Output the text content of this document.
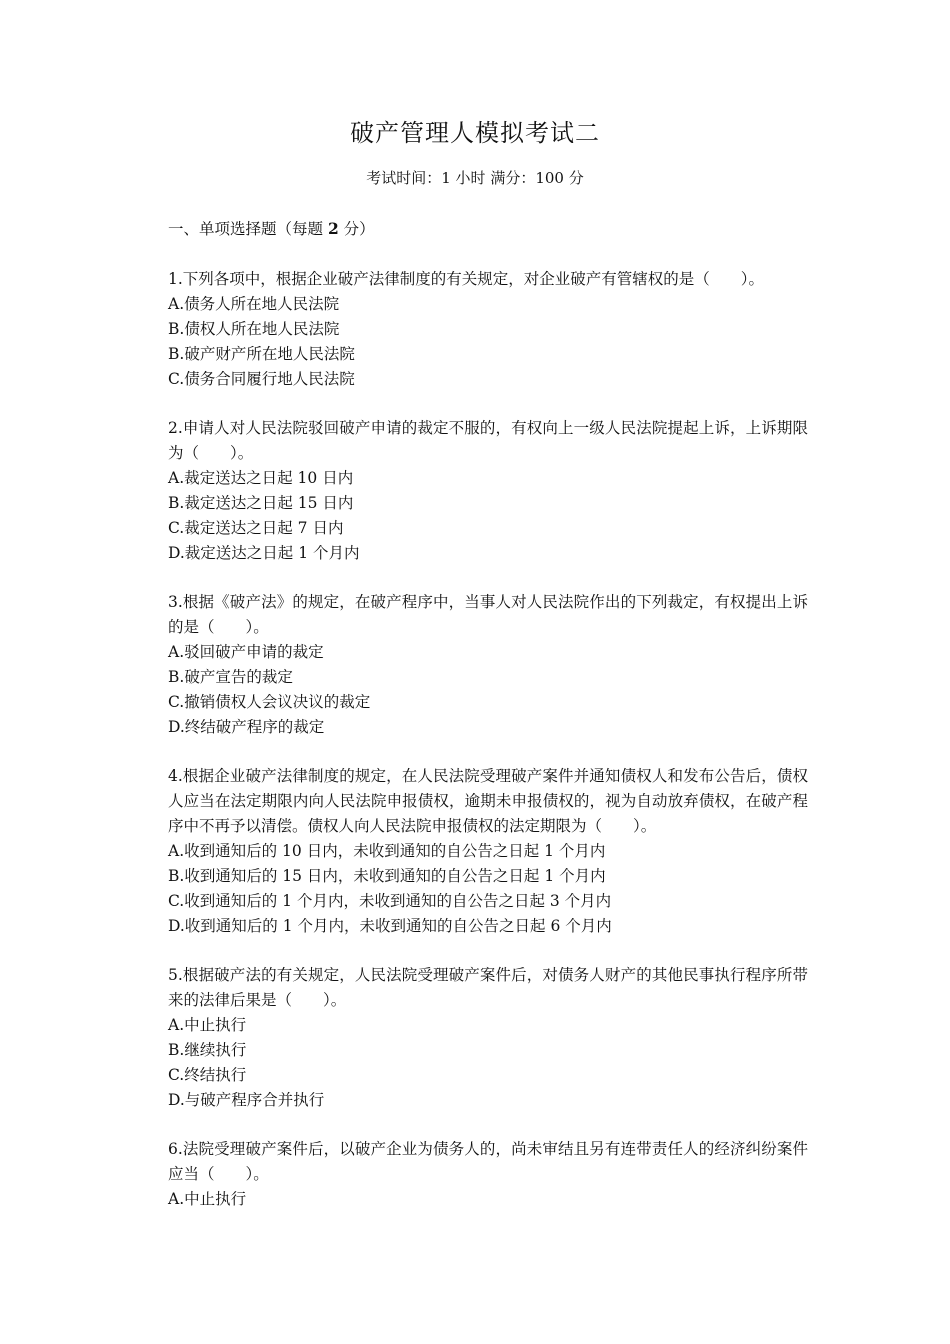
破产管理人模拟考试二
考试时间：1 小时 满分：100 分

一、单项选择题（每题 2 分）

1.下列各项中，根据企业破产法律制度的有关规定，对企业破产有管辖权的是（　　）。

A.债务人所在地人民法院

B.债权人所在地人民法院

B.破产财产所在地人民法院

C.债务合同履行地人民法院

2.申请人对人民法院驳回破产申请的裁定不服的，有权向上一级人民法院提起上诉，上诉期限为（　　）。

A.裁定送达之日起 10 日内

B.裁定送达之日起 15 日内

C.裁定送达之日起 7 日内

D.裁定送达之日起 1 个月内

3.根据《破产法》的规定，在破产程序中，当事人对人民法院作出的下列裁定，有权提出上诉的是（　　）。

A.驳回破产申请的裁定

B.破产宣告的裁定

C.撤销债权人会议决议的裁定

D.终结破产程序的裁定

4.根据企业破产法律制度的规定，在人民法院受理破产案件并通知债权人和发布公告后，债权人应当在法定期限内向人民法院申报债权，逾期未申报债权的，视为自动放弃债权，在破产程序中不再予以清偿。债权人向人民法院申报债权的法定期限为（　　）。

A.收到通知后的 10 日内，未收到通知的自公告之日起 1 个月内

B.收到通知后的 15 日内，未收到通知的自公告之日起 1 个月内

C.收到通知后的 1 个月内，未收到通知的自公告之日起 3 个月内

D.收到通知后的 1 个月内，未收到通知的自公告之日起 6 个月内

5.根据破产法的有关规定，人民法院受理破产案件后，对债务人财产的其他民事执行程序所带来的法律后果是（　　）。

A.中止执行

B.继续执行

C.终结执行

D.与破产程序合并执行

6.法院受理破产案件后，以破产企业为债务人的，尚未审结且另有连带责任人的经济纠纷案件应当（　　）。

A.中止执行
